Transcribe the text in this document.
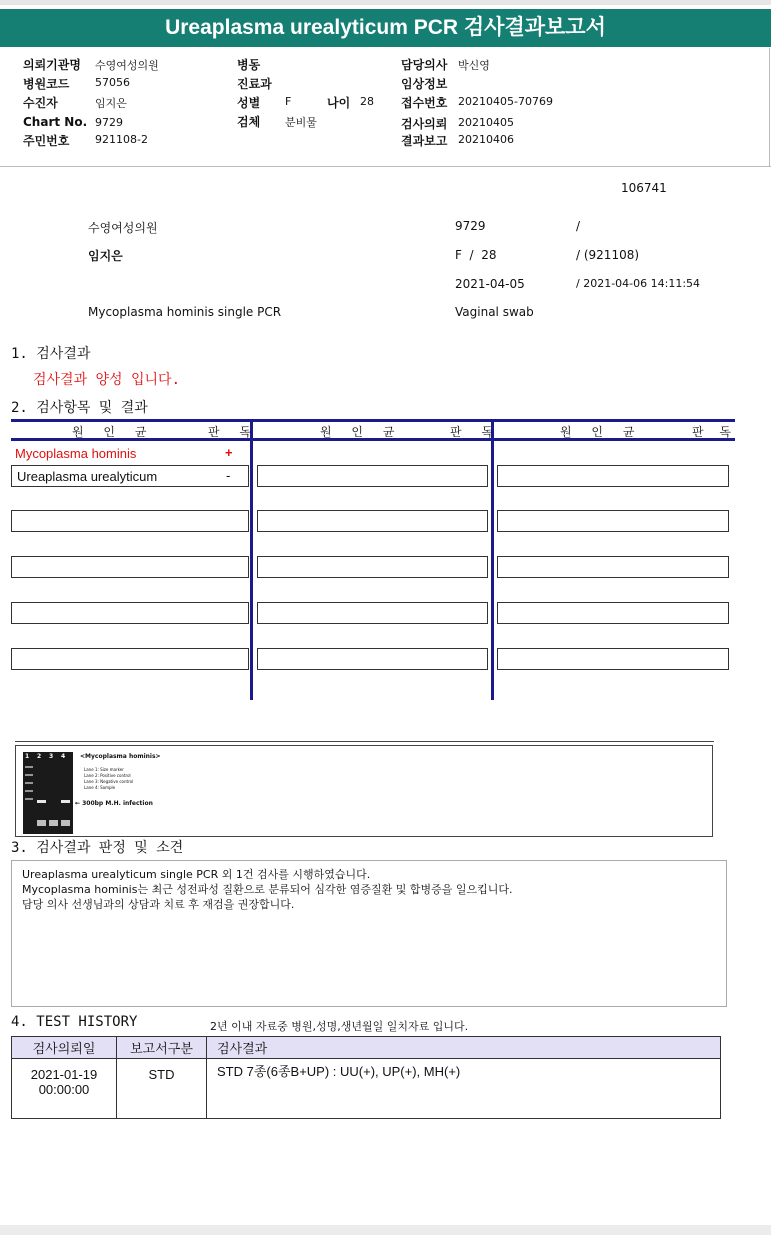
Ureaplasma urealyticum PCR 검사결과보고서
의뢰기관명 수영여성의원
병원코드 57056
수진자	임지은
Chart No. 9729
주민번호 921108-2
병동
진료과
성별 F	나이 28
검체 분비물
담당의사 박신영
임상정보
접수번호 20210405-70769
검사의뢰 20210405
결과보고 20210406
106741
수영여성의원	9729	/
임지은	F  /  28	/ (921108)
2021-04-05	/ 2021-04-06 14:11:54
Mycoplasma hominis single PCR	Vaginal swab
1. 검사결과
검사결과 양성 입니다.
2. 검사항목 및 결과
원 인 균	판 독	원 인 균	판 독	원 인 균	판 독
Mycoplasma hominis	+
Ureaplasma urealyticum	-
1 2 3 4 <Mycoplasma hominis>
Lane 1: Size marker
Lane 2: Positive control
Lane 3: Negative control
Lane 4: Sample
← 300bp M.H. infection
3. 검사결과 판정 및 소견
Ureaplasma urealyticum single PCR 외 1건 검사를 시행하였습니다.
Mycoplasma hominis는 최근 성전파성 질환으로 분류되어 심각한 염증질환 및 합병증을 일으킵니다.
담당 의사 선생님과의 상담과 치료 후 재검을 권장합니다.
4. TEST HISTORY	2년 이내 자료중 병원,성명,생년월일 일치자료 입니다.
검사의뢰일	보고서구분	검사결과

2021-01-19
00:00:00	STD	STD 7종(6종B+UP) : UU(+), UP(+), MH(+)
